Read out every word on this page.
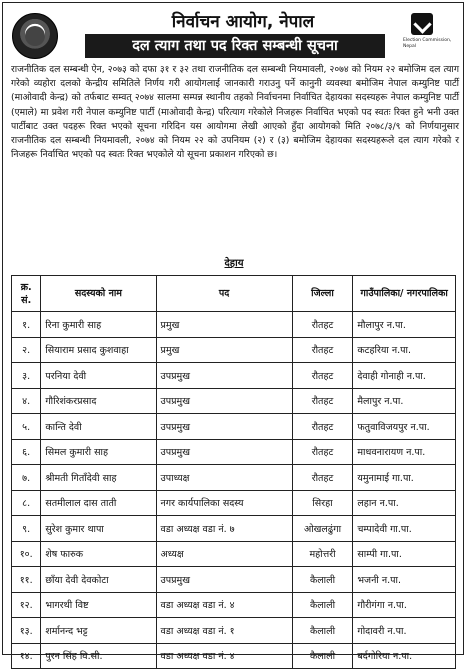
निर्वाचन आयोग, नेपाल
दल त्याग तथा पद रिक्त सम्बन्धी सूचना	Election Commission, Nepal
राजनीतिक दल सम्बन्धी ऐन, २०७३ को दफा ३१ र ३२ तथा राजनीतिक दल सम्बन्धी नियमावली, २०७४ को नियम २२ बमोजिम दल त्याग गरेको व्यहोरा दलको केन्द्रीय समितिले निर्णय गरी आयोगलाई जानकारी गराउनु पर्ने कानुनी व्यवस्था बमोजिम नेपाल कम्युनिष्ट पार्टी (माओवादी केन्द्र) को तर्फबाट सम्वत् २०७४ सालमा सम्पन्न स्थानीय तहको निर्वाचनमा निर्वाचित देहायका सदस्यहरू नेपाल कम्युनिष्ट पार्टी (एमाले) मा प्रवेश गरी नेपाल कम्युनिष्ट पार्टी (माओवादी केन्द्र) परित्याग गरेकोले निजहरू निर्वाचित भएको पद स्वतः रिक्त हुने भनी उक्त पार्टीबाट उक्त पदहरू रिक्त भएको सूचना गरिदिन यस आयोगमा लेखी आएको हुँदा आयोगको मिति २०७८/३/९ को निर्णयानुसार राजनीतिक दल सम्बन्धी नियमावली, २०७४ को नियम २२ को उपनियम (२) र (३) बमोजिम देहायका सदस्यहरूले दल त्याग गरेको र निजहरू निर्वाचित भएको पद स्वतः रिक्त भएकोले यो सूचना प्रकाशन गरिएको छ।
देहाय
क्र. सं.	सदस्यको नाम	पद	जिल्ला	गाउँपालिका/ नगरपालिका
१.	रिना कुमारी साह	प्रमुख	रौतहट	मौलापुर न.पा.
२.	सियाराम प्रसाद कुशवाहा	प्रमुख	रौतहट	कटहरिया न.पा.
३.	परनिया देवी	उपप्रमुख	रौतहट	देवाही गोनाही न.पा.
४.	गौरिशंकरप्रसाद	उपप्रमुख	रौतहट	मैलापुर न.पा.
५.	कान्ति देवी	उपप्रमुख	रौतहट	फतुवाविजयपुर न.पा.
६.	सिमल कुमारी साह	उपप्रमुख	रौतहट	माधवनारायण न.पा.
७.	श्रीमती गिताँदेवी साह	उपाध्यक्ष	रौतहट	यमुनामाई गा.पा.
८.	सतमीलाल दास ताती	नगर कार्यपालिका सदस्य	सिरहा	लहान न.पा.
९.	सुरेश कुमार थापा	वडा अध्यक्ष वडा नं. ७	ओखलढुंगा	चम्पादेवी गा.पा.
१०.	शेष फारुक	अध्यक्ष	महोत्तरी	साम्पी गा.पा.
११.	छाँया देवी देवकोटा	उपप्रमुख	कैलाली	भजनी न.पा.
१२.	भागरथी विष्ट	वडा अध्यक्ष वडा नं. ४	कैलाली	गौरीगंगा न.पा.
१३.	शर्मानन्द भट्ट	वडा अध्यक्ष वडा नं. १	कैलाली	गोदावरी न.पा.
१४.	पुरन सिंह वि.सी.	वडा अध्यक्ष वडा नं. ४	कैलाली	बर्दगोरिया न.पा.
